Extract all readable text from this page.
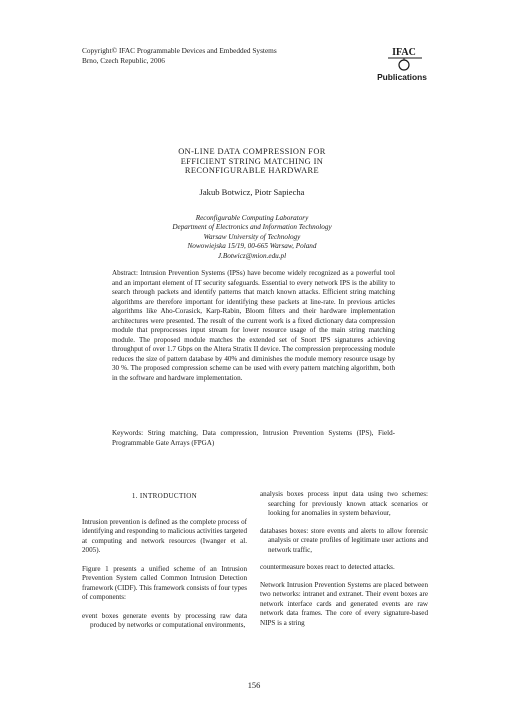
Copyright© IFAC Programmable Devices and Embedded Systems
Brno, Czech Republic, 2006
IFAC
Publications
ON-LINE DATA COMPRESSION FOR
EFFICIENT STRING MATCHING IN
RECONFIGURABLE HARDWARE
Jakub Botwicz, Piotr Sapiecha
Reconfigurable Computing Laboratory
Department of Electronics and Information Technology
Warsaw University of Technology
Nowowiejska 15/19, 00-665 Warsaw, Poland
J.Botwicz@mion.edu.pl
Abstract: Intrusion Prevention Systems (IPSs) have become widely recognized as a powerful tool and an important element of IT security safeguards. Essential to every network IPS is the ability to search through packets and identify patterns that match known attacks. Efficient string matching algorithms are therefore important for identifying these packets at line-rate. In previous articles algorithms like Aho-Corasick, Karp-Rabin, Bloom filters and their hardware implementation architectures were presented. The result of the current work is a fixed dictionary data compression module that preprocesses input stream for lower resource usage of the main string matching module. The proposed module matches the extended set of Snort IPS signatures achieving throughput of over 1.7 Gbps on the Altera Stratix II device. The compression preprocessing module reduces the size of pattern database by 40% and diminishes the module memory resource usage by 30 %. The proposed compression scheme can be used with every pattern matching algorithm, both in the software and hardware implementation.
Keywords: String matching, Data compression, Intrusion Prevention Systems (IPS), Field-Programmable Gate Arrays (FPGA)
1. INTRODUCTION

Intrusion prevention is defined as the complete process of identifying and responding to malicious activities targeted at computing and network resources (Iwanger et al. 2005).

Figure 1 presents a unified scheme of an Intrusion Prevention System called Common Intrusion Detection framework (CIDF). This framework consists of four types of components:

event boxes generate events by processing raw data produced by networks or computational environments,
analysis boxes process input data using two schemes: searching for previously known attack scenarios or looking for anomalies in system behaviour,
databases boxes: store events and alerts to allow forensic analysis or create profiles of legitimate user actions and network traffic,
countermeasure boxes react to detected attacks.

Network Intrusion Prevention Systems are placed between two networks: intranet and extranet. Their event boxes are network interface cards and generated events are raw network data frames. The core of every signature-based NIPS is a string

156
